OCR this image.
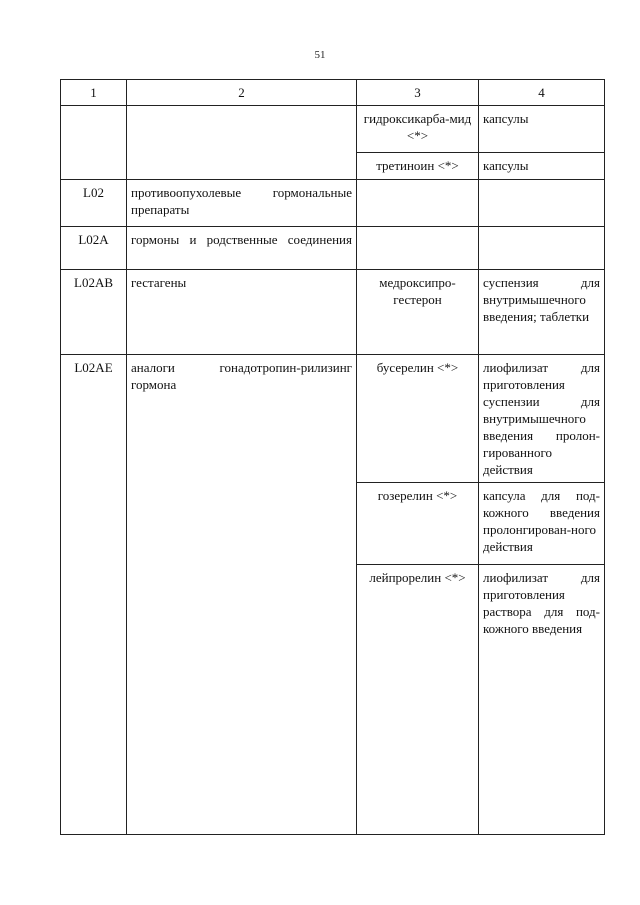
51
1	2	3	4
		гидроксикарба-мид <*>	капсулы
		третиноин <*>	капсулы
L02	противоопухолевые гормональные препараты		
L02A	гормоны и родственные соединения		

L02AB	гестагены	медроксипро-гестерон	суспензия для внутримышечного введения; таблетки
L02AE	аналоги гонадотропин-рилизинг гормона	бусерелин <*>	лиофилизат для приготовления суспензии для внутримышечного введения пролон-гированного действия
		гозерелин <*>	капсула для под-кожного введения пролонгирован-ного действия
		лейпрорелин <*>	лиофилизат для приготовления раствора для под-кожного введения
